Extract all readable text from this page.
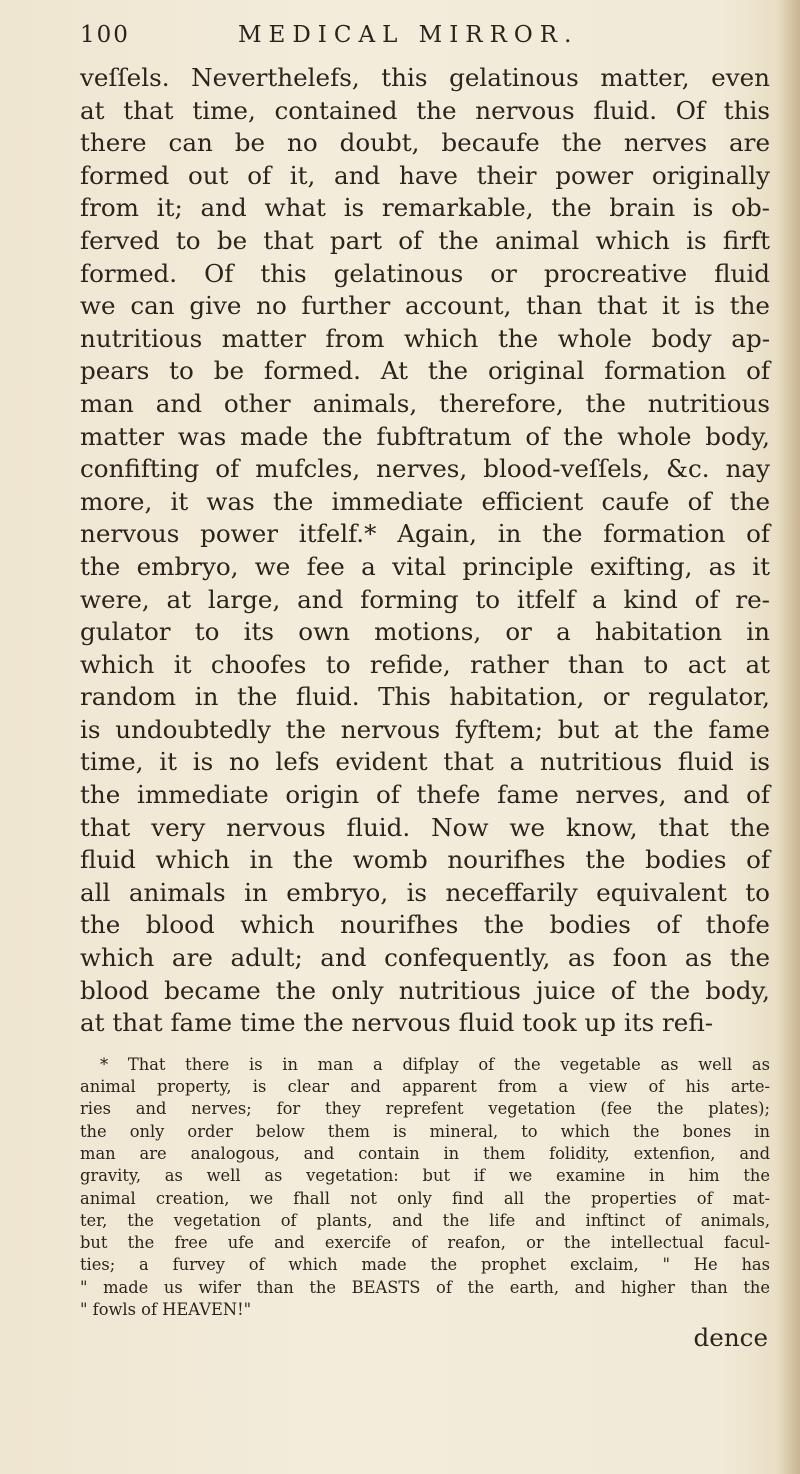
100	MEDICAL MIRROR.
veſſels. Neverthelefs, this gelatinous matter, even
at that time, contained the nervous fluid. Of this
there can be no doubt, becaufe the nerves are
formed out of it, and have their power originally
from it; and what is remarkable, the brain is ob-
ferved to be that part of the animal which is firft
formed. Of this gelatinous or procreative fluid
we can give no further account, than that it is the
nutritious matter from which the whole body ap-
pears to be formed. At the original formation of
man and other animals, therefore, the nutritious
matter was made the fubftratum of the whole body,
confifting of mufcles, nerves, blood-veſſels, &c. nay
more, it was the immediate efficient caufe of the
nervous power itfelf.* Again, in the formation of
the embryo, we fee a vital principle exifting, as it
were, at large, and forming to itfelf a kind of re-
gulator to its own motions, or a habitation in
which it choofes to refide, rather than to act at
random in the fluid. This habitation, or regulator,
is undoubtedly the nervous fyftem; but at the fame
time, it is no lefs evident that a nutritious fluid is
the immediate origin of thefe fame nerves, and of
that very nervous fluid. Now we know, that the
fluid which in the womb nourifhes the bodies of
all animals in embryo, is neceffarily equivalent to
the blood which nourifhes the bodies of thofe
which are adult; and confequently, as foon as the
blood became the only nutritious juice of the body,
at that fame time the nervous fluid took up its refi-
* That there is in man a difplay of the vegetable as well as
animal property, is clear and apparent from a view of his arte-
ries and nerves; for they reprefent vegetation (fee the plates);
the only order below them is mineral, to which the bones in
man are analogous, and contain in them folidity, extenfion, and
gravity, as well as vegetation: but if we examine in him the
animal creation, we fhall not only find all the properties of mat-
ter, the vegetation of plants, and the life and inftinct of animals,
but the free ufe and exercife of reafon, or the intellectual facul-
ties; a furvey of which made the prophet exclaim, " He has
" made us wifer than the BEASTS of the earth, and higher than the
" fowls of HEAVEN!"
dence
